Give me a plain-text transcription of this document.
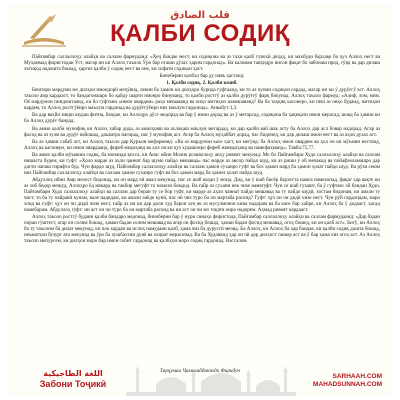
قلب الصادق
ҚАЛБИ СОДИҚ

Пайғамбар саллаллоҳу алайҳи ва саллам фармуданд: «Ҳеҷ бандае мест, ки содиқона ва аз таҳи қалб гувоҳӣ диҳад, ки маъбуди барҳақе ба ҷуз Аллоҳ нест ва Муҳаммад фиристодаи Ӯст, магар ин ки Аллоҳ таъоло Ӯро бар оташи дӯзах ҳаром гардонад». Ва каломаи тавҳидро инсон фақат бо забонаш ирод, гӯяд ва дар дилаш эътиқод надошта бошад, ҳаргиз қалби ӯ содиқ нест ва оне, ки сифати содиқон ҳаст.

Биноберин қалбҳо бар ду навъ ҳастанд:

1. Қалби содиқ. 2. Қалби козиб.

Бештари мардуми мо дилҳои имондорӣ меҷӯянд, лекин ба ҳамон ки дилҳоро бурида гуфтаанд, ки то аз чунин содиқон гардад, магар ин ки ӯ дурӯғгӯ аст. Аллоҳ таъоло амр кардааст, то бандагонашро бо қайду шарти имонро бинуванд, то қалби ростгӯ аз қалби дурӯғгӯ фарқ бикунад. Аллоҳ таъоло фармуд: «Алиф, лом, мим. Оё мардумон пиндоштаанд, ки бо гуфтани «имон овардем» раҳо мешаванд ва онҳо имтиҳон намешаванд? Ва ба таҳқиқ касонеро, ки пеш аз онҳо буданд, имтиҳон кардем, то Аллоҳ ростгӯёнро маълум гардонад ва дурӯғгӯёнро низ маълум гардонад». Анкабут:1,3.

Ва дар ваҳйи зикри шудаи фитна, бандае, ки Аллоҳро дӯст медорад ва бар ӯ имон дорад ва аз ӯ метарсад, содиқона ба ҳақиқати имон мерасад, шояд ба ҳамин ки ба Аллоҳ дурӯғ бандад.

Ва аммо қалби мунофиқ ки Аллоҳ хабар дода, аз амалҳояш ва ахлоқаш маълум мегардад, ки дар қалби вай шак асту ба Аллоҳ дар асл бовар надорад. Агар аз фасод ва аз зулм ва дурӯғ набошад, даъватро нагирад, пас ӯ мунофиқ аст. Агар ба Аллоҳ муҳаббат дорад, пас бидонед, ки дар дилаш имон нест ва аз аҳли дузах аст.

Ва аз ҳамин сабаб аст, ки Аллоҳ таъоло дар Қуръон мефармояд: «Ва аз мардумон касе ҳаст, ки мегӯяд: ба Аллоҳ имон овардем ва ҳол он ки мӯъмин нестанд, Аллоҳ ва касонеро, ки имон овардаанд, фиреб медиҳанд ва ҳол он ки ҷуз худашонро фиреб намедиҳанд ва намефаҳманд». Тавба:75,77.

Ва аммо қалби мӯъмини содиқ, ба монанди қисса, ки Анас ибни Молик розияллоҳу анҳу ривоят мекунад: Мо бо Пайғамбари Худо саллаллоҳу алайҳи ва саллам нишаста будем, ки гуфт: «Ҳоло марде аз аҳли ҷаннат бар шумо пайдо мешавад» пас марде аз ансор пайдо шуд, ки аз риши ӯ об мечакид ва пойафзоламашро дар дасти чапаш гирифта буд. Чун фардо шуд, Пайғамбар саллаллоҳу алайҳи ва саллам ҳамон суханро гуфт ва боз ҳамон мард ба ҳамон ҳолат пайдо шуд. Ва рӯзи сеюм низ Пайғамбар саллаллоҳу алайҳи ва саллам ҳамон суханро гуфт ва боз ҳамон мард ба ҳамон ҳолат пайдо шуд.

Абдуллоҳ ибни Амр мехост бидонад, ки он мард чӣ амал мекунад, пас се шаб назди ӯ монд. Дид, ки ӯ шаб бисёр бархеста намоз намехонад, фақат ҳар вақте ки аз хоб бедор мешуд, Аллоҳро ёд мекард ва такбир мегуфт то намози бомдод. Ва ғайр аз сухани нек чизе намегуфт. Чун се шаб гузашт, ба ӯ гуфтам: эй бандаи Худо, Пайғамбари Худо саллаллоҳу алайҳи ва саллам дар бораи ту се бор гуфт, ки марде аз аҳли ҷаннат пайдо мешавад ва ту пайдо шудӣ, хостам бидонам, ки амали ту чист, то ба ту пайравӣ кунам, вале надидам, ки амали зиёде кунӣ, пас чӣ чиз туро ба он мартаба расонд? Гуфт: ҷуз он чи дидӣ чизе нест. Чун рӯй гардондам, маро хонд ва гуфт: ҷуз он чи дидӣ чизе нест, ғайр аз ин ки дар дили худ барои ҳеҷ як аз мусулмонон кина надорам ва ба касе бар хайре, ки Аллоҳ ба ӯ додааст, ҳасад намебарам. Абдуллоҳ гуфт: ин аст он чи туро ба он мартаба расонд ва ин аст он чи мо тоқати онро надорем. Аҳмад ривоят кардааст.

Аллоҳ таъоло ростгӯ будани қалби бандаро медонад, биноберин бар ӯ нури синаҳо фиристода, Пайғамбар саллаллоҳу алайҳи ва саллам фармудаанд: «Дар бадан пораи гӯштест, агар он солим бошад, ҳамаи бадан солим мешавад ва агар он фосид бошад, ҳамаи бадан фосид мешавад, огоҳ бошед, ки он қалб аст». Бигӯ, ки Аллоҳ ба ту таъолим ба дилат мекунад, ки пок кардан ва ислоҳ намудани қалб, ҳама чиз ба дурустӣ меояд. Ба Аллоҳ, ки Аллоҳ ба ҳар бандае, ки қалби содиқ дошта бошад, неъматҳои бузург ато мекунад ва ӯро ба хушбахтии дунё ва охират мерасонад. Ва ба Худованд ҳар он чӣ дар дилҳост ошкор аст ва ӯ бар ҳама чиз огоҳ аст. Аз Аллоҳ таъоло мепурсем, ки дилҳои моро бар имон собит гардонад ва қалбҳои моро содиқ гардонад. Вассалом.

Тарҷумаи Ҷамолиддинзода Фаридун
اللغة الطاجيكية
Забони Тоҷикӣ
SARHAAH.COM
MAHADSUNNAH.COM
